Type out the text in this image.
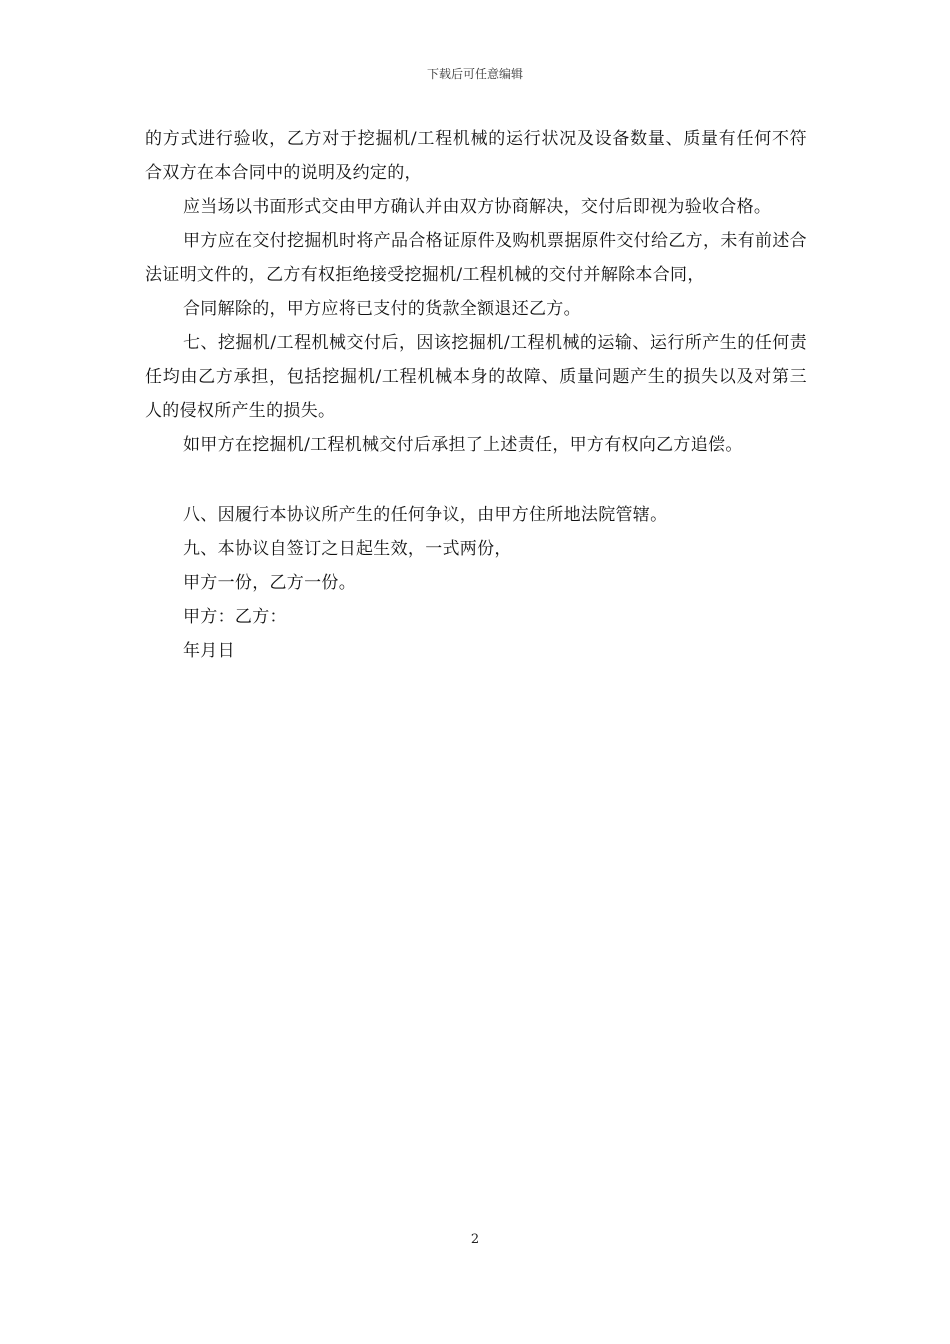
下载后可任意编辑

的方式进行验收，乙方对于挖掘机/工程机械的运行状况及设备数量、质量有任何不符合双方在本合同中的说明及约定的，

应当场以书面形式交由甲方确认并由双方协商解决，交付后即视为验收合格。

甲方应在交付挖掘机时将产品合格证原件及购机票据原件交付给乙方，未有前述合法证明文件的，乙方有权拒绝接受挖掘机/工程机械的交付并解除本合同，

合同解除的，甲方应将已支付的货款全额退还乙方。

七、挖掘机/工程机械交付后，因该挖掘机/工程机械的运输、运行所产生的任何责任均由乙方承担，包括挖掘机/工程机械本身的故障、质量问题产生的损失以及对第三人的侵权所产生的损失。

如甲方在挖掘机/工程机械交付后承担了上述责任，甲方有权向乙方追偿。

八、因履行本协议所产生的任何争议，由甲方住所地法院管辖。

九、本协议自签订之日起生效，一式两份，

甲方一份，乙方一份。

甲方：乙方：

年月日

2
